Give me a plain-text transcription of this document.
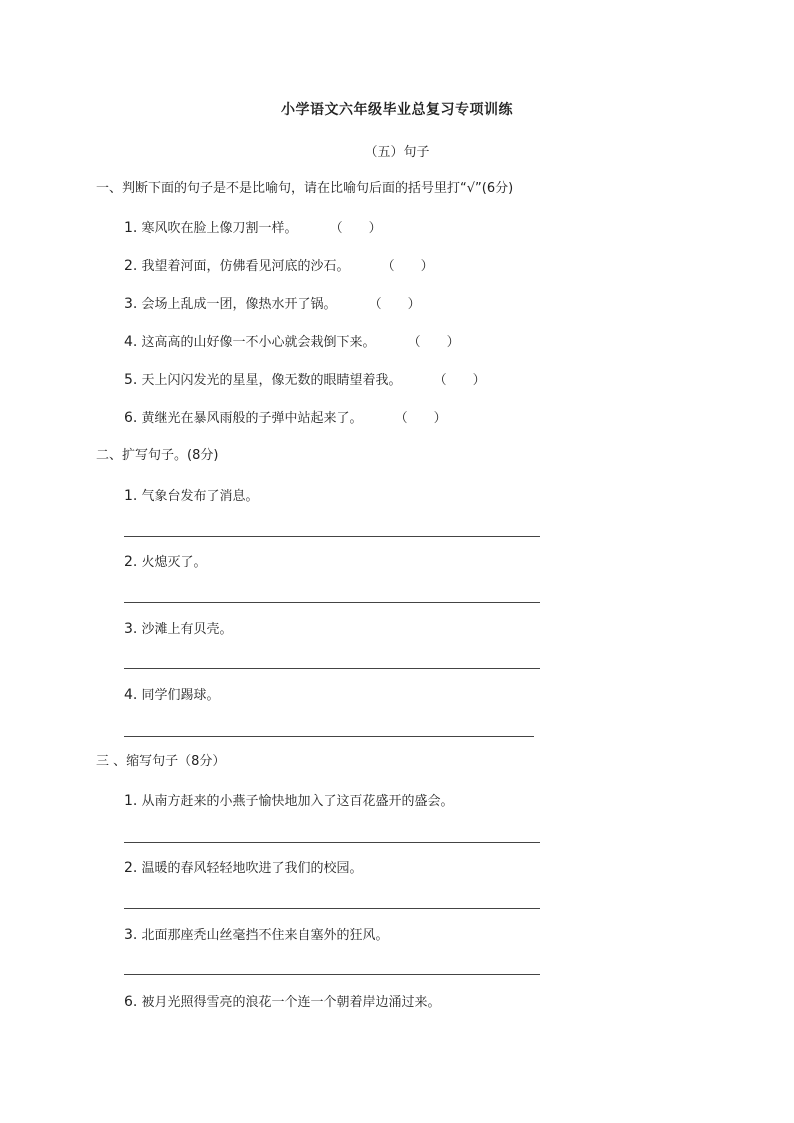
小学语文六年级毕业总复习专项训练
（五）句子
一、判断下面的句子是不是比喻句，请在比喻句后面的括号里打“√”(6分)
1. 寒风吹在脸上像刀割一样。 （　　）
2. 我望着河面，仿佛看见河底的沙石。 （　　）
3. 会场上乱成一团，像热水开了锅。 （　　）
4. 这高高的山好像一不小心就会栽倒下来。 （　　）
5. 天上闪闪发光的星星，像无数的眼睛望着我。 （　　）
6. 黄继光在暴风雨般的子弹中站起来了。 （　　）
二、扩写句子。(8分)
1. 气象台发布了消息。
2. 火熄灭了。
3. 沙滩上有贝壳。
4. 同学们踢球。
三 、缩写句子（8分）
1. 从南方赶来的小燕子愉快地加入了这百花盛开的盛会。
2. 温暖的春风轻轻地吹进了我们的校园。
3. 北面那座秃山丝毫挡不住来自塞外的狂风。
6. 被月光照得雪亮的浪花一个连一个朝着岸边涌过来。
